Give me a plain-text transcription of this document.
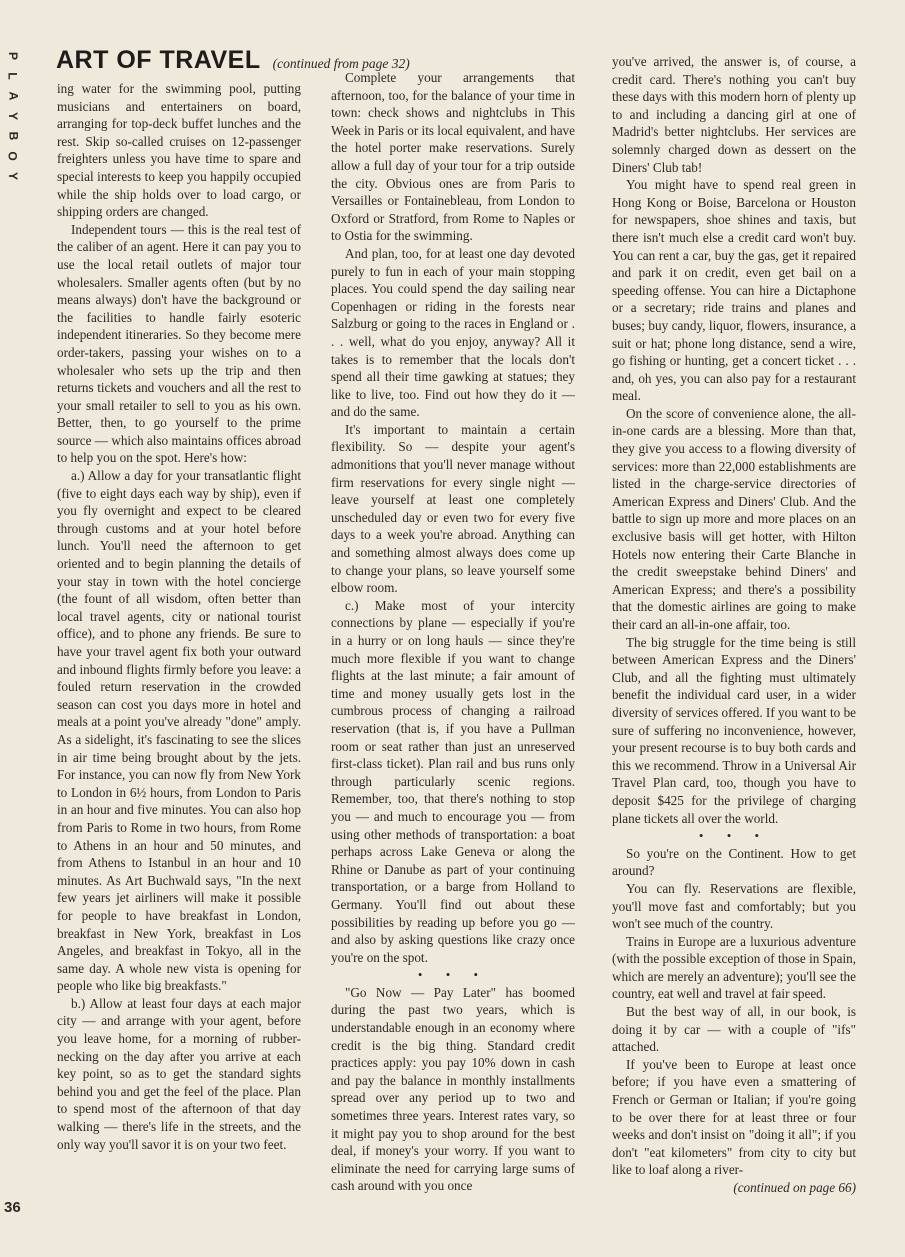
P
L
A
Y
B
O
Y
ART OF TRAVEL (continued from page 32)

ing water for the swimming pool, putting musicians and entertainers on board, arranging for top-deck buffet lunches and the rest. Skip so-called cruises on 12-passenger freighters unless you have time to spare and special interests to keep you happily occupied while the ship holds over to load cargo, or shipping orders are changed.

Independent tours — this is the real test of the caliber of an agent. Here it can pay you to use the local retail outlets of major tour wholesalers. Smaller agents often (but by no means always) don't have the background or the facilities to handle fairly esoteric independent itineraries. So they become mere order-takers, passing your wishes on to a wholesaler who sets up the trip and then returns tickets and vouchers and all the rest to your small retailer to sell to you as his own. Better, then, to go yourself to the prime source — which also maintains offices abroad to help you on the spot. Here's how:

a.) Allow a day for your transatlantic flight (five to eight days each way by ship), even if you fly overnight and expect to be cleared through customs and at your hotel before lunch. You'll need the afternoon to get oriented and to begin planning the details of your stay in town with the hotel concierge (the fount of all wisdom, often better than local travel agents, city or national tourist office), and to phone any friends. Be sure to have your travel agent fix both your outward and inbound flights firmly before you leave: a fouled return reservation in the crowded season can cost you days more in hotel and meals at a point you've already "done" amply. As a sidelight, it's fascinating to see the slices in air time being brought about by the jets. For instance, you can now fly from New York to London in 6½ hours, from London to Paris in an hour and five minutes. You can also hop from Paris to Rome in two hours, from Rome to Athens in an hour and 50 minutes, and from Athens to Istanbul in an hour and 10 minutes. As Art Buchwald says, "In the next few years jet airliners will make it possible for people to have breakfast in London, breakfast in New York, breakfast in Los Angeles, and breakfast in Tokyo, all in the same day. A whole new vista is opening for people who like big breakfasts."

b.) Allow at least four days at each major city — and arrange with your agent, before you leave home, for a morning of rubber-necking on the day after you arrive at each key point, so as to get the standard sights behind you and get the feel of the place. Plan to spend most of the afternoon of that day walking — there's life in the streets, and the only way you'll savor it is on your two feet.

Complete your arrangements that afternoon, too, for the balance of your time in town: check shows and nightclubs in This Week in Paris or its local equivalent, and have the hotel porter make reservations. Surely allow a full day of your tour for a trip outside the city. Obvious ones are from Paris to Versailles or Fontainebleau, from London to Oxford or Stratford, from Rome to Naples or to Ostia for the swimming.

And plan, too, for at least one day devoted purely to fun in each of your main stopping places. You could spend the day sailing near Copenhagen or riding in the forests near Salzburg or going to the races in England or . . . well, what do you enjoy, anyway? All it takes is to remember that the locals don't spend all their time gawking at statues; they like to live, too. Find out how they do it — and do the same.

It's important to maintain a certain flexibility. So — despite your agent's admonitions that you'll never manage without firm reservations for every single night — leave yourself at least one completely unscheduled day or even two for every five days to a week you're abroad. Anything can and something almost always does come up to change your plans, so leave yourself some elbow room.

c.) Make most of your intercity connections by plane — especially if you're in a hurry or on long hauls — since they're much more flexible if you want to change flights at the last minute; a fair amount of time and money usually gets lost in the cumbrous process of changing a railroad reservation (that is, if you have a Pullman room or seat rather than just an unreserved first-class ticket). Plan rail and bus runs only through particularly scenic regions. Remember, too, that there's nothing to stop you — and much to encourage you — from using other methods of transportation: a boat perhaps across Lake Geneva or along the Rhine or Danube as part of your continuing transportation, or a barge from Holland to Germany. You'll find out about these possibilities by reading up before you go — and also by asking questions like crazy once you're on the spot.

• • •

"Go Now — Pay Later" has boomed during the past two years, which is understandable enough in an economy where credit is the big thing. Standard credit practices apply: you pay 10% down in cash and pay the balance in monthly installments spread over any period up to two and sometimes three years. Interest rates vary, so it might pay you to shop around for the best deal, if money's your worry. If you want to eliminate the need for carrying large sums of cash around with you once

you've arrived, the answer is, of course, a credit card. There's nothing you can't buy these days with this modern horn of plenty up to and including a dancing girl at one of Madrid's better nightclubs. Her services are solemnly charged down as dessert on the Diners' Club tab!

You might have to spend real green in Hong Kong or Boise, Barcelona or Houston for newspapers, shoe shines and taxis, but there isn't much else a credit card won't buy. You can rent a car, buy the gas, get it repaired and park it on credit, even get bail on a speeding offense. You can hire a Dictaphone or a secretary; ride trains and planes and buses; buy candy, liquor, flowers, insurance, a suit or hat; phone long distance, send a wire, go fishing or hunting, get a concert ticket . . . and, oh yes, you can also pay for a restaurant meal.

On the score of convenience alone, the all-in-one cards are a blessing. More than that, they give you access to a flowing diversity of services: more than 22,000 establishments are listed in the charge-service directories of American Express and Diners' Club. And the battle to sign up more and more places on an exclusive basis will get hotter, with Hilton Hotels now entering their Carte Blanche in the credit sweepstake behind Diners' and American Express; and there's a possibility that the domestic airlines are going to make their card an all-in-one affair, too.

The big struggle for the time being is still between American Express and the Diners' Club, and all the fighting must ultimately benefit the individual card user, in a wider diversity of services offered. If you want to be sure of suffering no inconvenience, however, your present recourse is to buy both cards and this we recommend. Throw in a Universal Air Travel Plan card, too, though you have to deposit $425 for the privilege of charging plane tickets all over the world.

• • •

So you're on the Continent. How to get around?

You can fly. Reservations are flexible, you'll move fast and comfortably; but you won't see much of the country.

Trains in Europe are a luxurious adventure (with the possible exception of those in Spain, which are merely an adventure); you'll see the country, eat well and travel at fair speed.

But the best way of all, in our book, is doing it by car — with a couple of "ifs" attached.

If you've been to Europe at least once before; if you have even a smattering of French or German or Italian; if you're going to be over there for at least three or four weeks and don't insist on "doing it all"; if you don't "eat kilometers" from city to city but like to loaf along a river-

(continued on page 66)

36
